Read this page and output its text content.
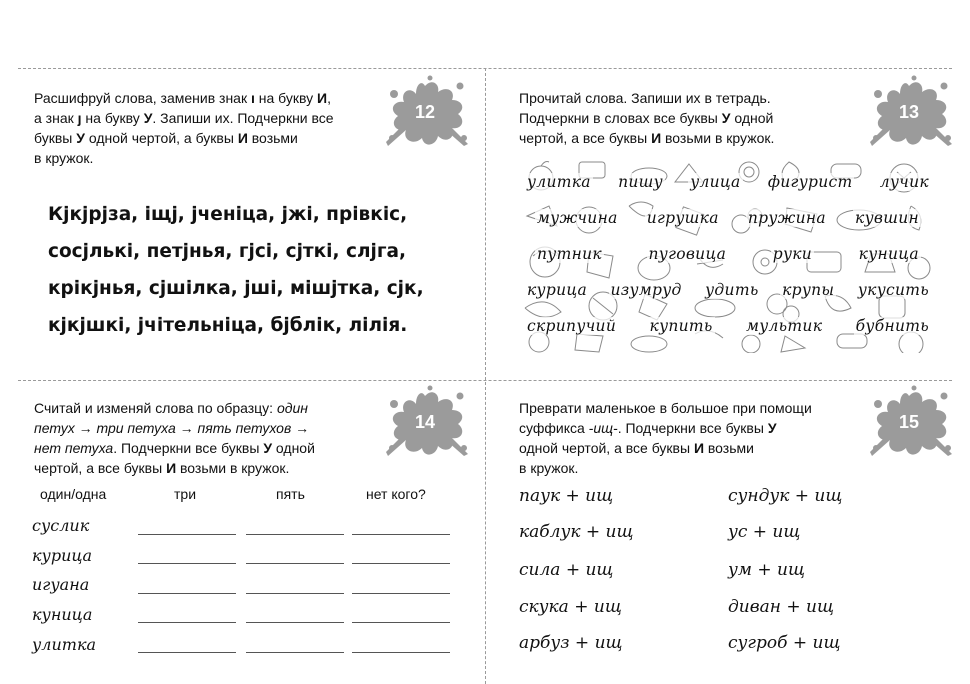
Расшифруй слова, заменив знак ı на букву И,
а знак ȷ на букву У. Запиши их. Подчеркни все
буквы У одной чертой, а буквы И возьми
в кружок.
12
Кјкјрјза, іщј, јченіца, јжі, прівкіс,
сосјлькі, петјнья, гјсі, сјткі, слјга,
крікјнья, сјшілка, јші, мішјтка, сјк,
кјкјшкі, јчітельніца, бјблік, лілія.
Прочитай слова. Запиши их в тетрадь.
Подчеркни в словах все буквы У одной
чертой, а все буквы И возьми в кружок.
13
улитка пишу улица фигурист лучик
мужчина игрушка пружина кувшин
путник	пуговица	руки	куница
курица изумруд удить крупы укусить
скрипучий купить мультик бубнить
Считай и изменяй слова по образцу: один
петух → три петуха → пять петухов →
нет петуха. Подчеркни все буквы У одной
чертой, а все буквы И возьми в кружок.
14
один/одна	три	пять	нет кого?
суслик
курица
игуана
куница
улитка
Преврати маленькое в большое при помощи
суффикса -ищ-. Подчеркни все буквы У
одной чертой, а все буквы И возьми
в кружок.
15
паук + ищ
каблук + ищ
сила + ищ
скука + ищ
арбуз + ищ
сундук + ищ
ус + ищ
ум + ищ
диван + ищ
сугроб + ищ
